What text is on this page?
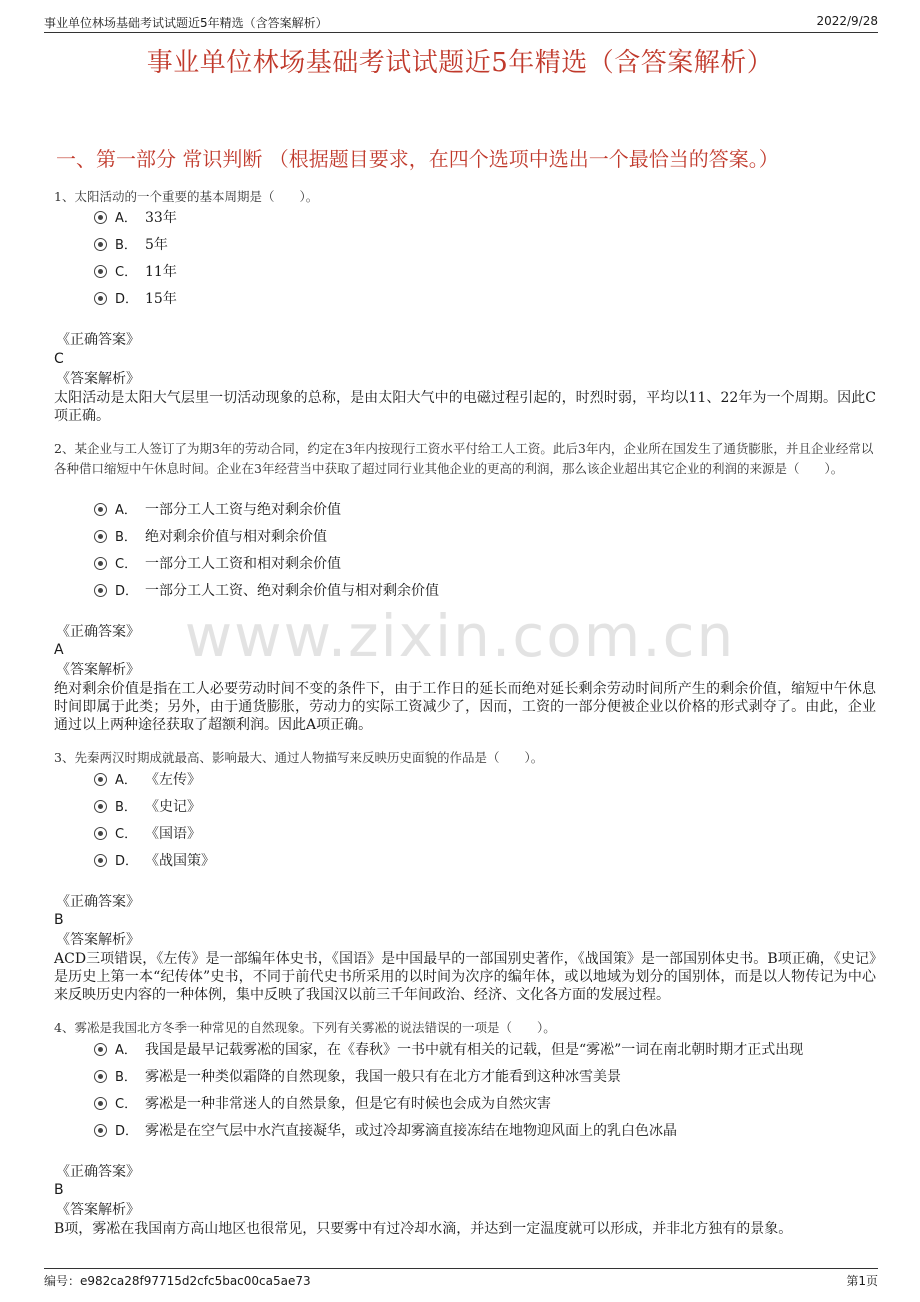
事业单位林场基础考试试题近5年精选（含答案解析）	2022/9/28
事业单位林场基础考试试题近5年精选（含答案解析）
一、第一部分 常识判断 （根据题目要求，在四个选项中选出一个最恰当的答案。）
www.zixin.com.cn
1、太阳活动的一个重要的基本周期是（　　）。
A． 33年
B． 5年
C． 11年
D． 15年
《正确答案》
C
《答案解析》
太阳活动是太阳大气层里一切活动现象的总称，是由太阳大气中的电磁过程引起的，时烈时弱，平均以11、22年为一个周期。因此C项正确。
2、某企业与工人签订了为期3年的劳动合同，约定在3年内按现行工资水平付给工人工资。此后3年内，企业所在国发生了通货膨胀，并且企业经常以各种借口缩短中午休息时间。企业在3年经营当中获取了超过同行业其他企业的更高的利润，那么该企业超出其它企业的利润的来源是（　　）。
A． 一部分工人工资与绝对剩余价值
B． 绝对剩余价值与相对剩余价值
C． 一部分工人工资和相对剩余价值
D． 一部分工人工资、绝对剩余价值与相对剩余价值
《正确答案》
A
《答案解析》
绝对剩余价值是指在工人必要劳动时间不变的条件下，由于工作日的延长而绝对延长剩余劳动时间所产生的剩余价值，缩短中午休息时间即属于此类；另外，由于通货膨胀，劳动力的实际工资减少了，因而，工资的一部分便被企业以价格的形式剥夺了。由此，企业通过以上两种途径获取了超额利润。因此A项正确。
3、先秦两汉时期成就最高、影响最大、通过人物描写来反映历史面貌的作品是（　　）。
A． 《左传》
B． 《史记》
C． 《国语》
D． 《战国策》
《正确答案》
B
《答案解析》
ACD三项错误，《左传》是一部编年体史书，《国语》是中国最早的一部国别史著作，《战国策》是一部国别体史书。B项正确，《史记》是历史上第一本“纪传体”史书，不同于前代史书所采用的以时间为次序的编年体，或以地域为划分的国别体，而是以人物传记为中心来反映历史内容的一种体例，集中反映了我国汉以前三千年间政治、经济、文化各方面的发展过程。
4、雾凇是我国北方冬季一种常见的自然现象。下列有关雾凇的说法错误的一项是（　　）。
A． 我国是最早记载雾凇的国家，在《春秋》一书中就有相关的记载，但是“雾凇”一词在南北朝时期才正式出现
B． 雾凇是一种类似霜降的自然现象，我国一般只有在北方才能看到这种冰雪美景
C． 雾凇是一种非常迷人的自然景象，但是它有时候也会成为自然灾害
D． 雾凇是在空气层中水汽直接凝华，或过冷却雾滴直接冻结在地物迎风面上的乳白色冰晶
《正确答案》
B
《答案解析》
B项，雾凇在我国南方高山地区也很常见，只要雾中有过冷却水滴，并达到一定温度就可以形成，并非北方独有的景象。
编号：e982ca28f97715d2cfc5bac00ca5ae73	第1页
